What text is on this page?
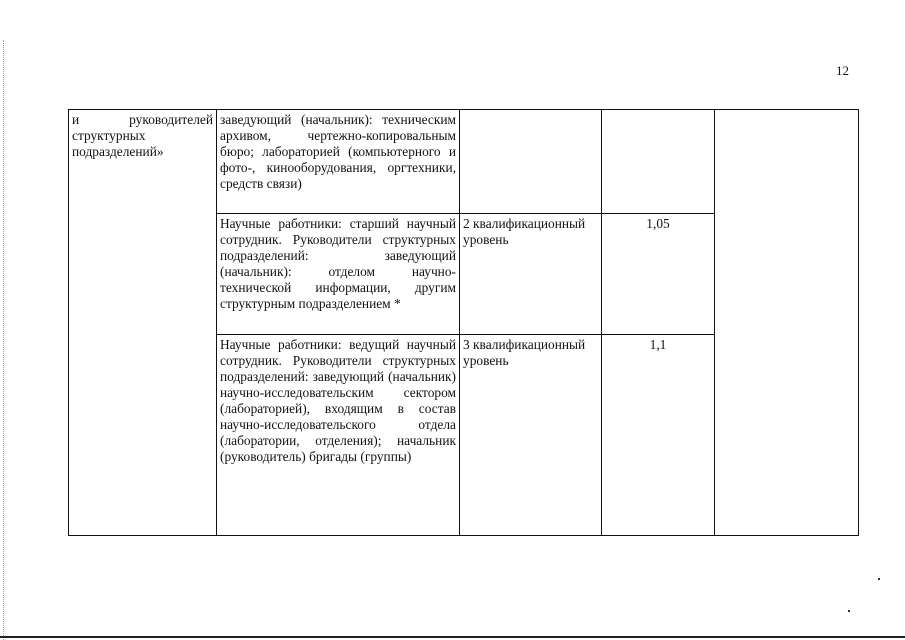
12
и руководителей структурных подразделений»	заведующий (начальник): техническим архивом, чертежно-копировальным бюро; лабораторией (компьютерного и фото-, кинооборудования, оргтехники, средств связи)			
	Научные работники: старший научный сотрудник. Руководители структурных подразделений: заведующий (начальник): отделом научно-технической информации, другим структурным подразделением *	2 квалификационный уровень	1,05	
	Научные работники: ведущий научный сотрудник. Руководители структурных подразделений: заведующий (начальник) научно-исследовательским сектором (лабораторией), входящим в состав научно-исследовательского отдела (лаборатории, отделения); начальник (руководитель) бригады (группы)	3 квалификационный уровень	1,1	
